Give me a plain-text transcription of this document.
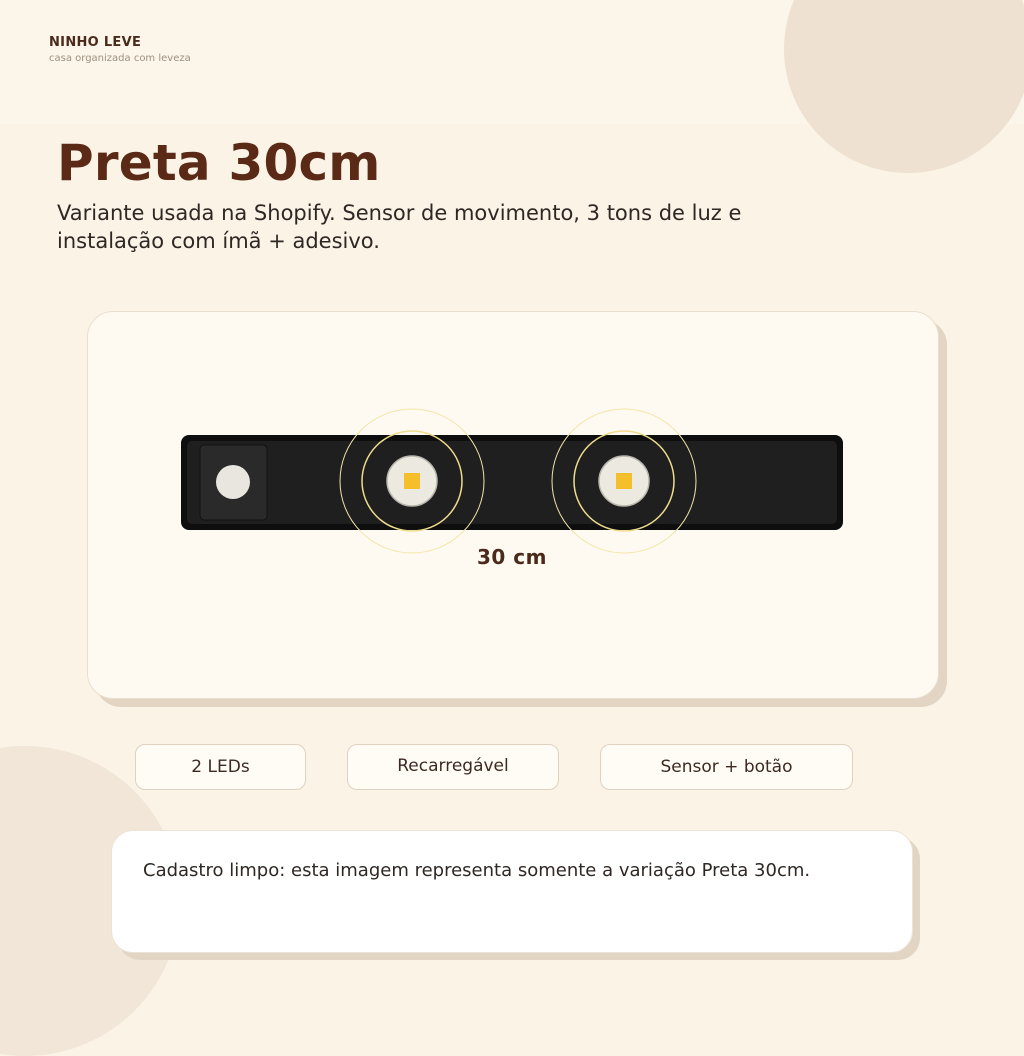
NINHO LEVE
casa organizada com leveza
Preta 30cm

Variante usada na Shopify. Sensor de movimento, 3 tons de luz e instalação com ímã + adesivo.

30 cm
2 LEDs	Recarregável	Sensor + botão
Cadastro limpo: esta imagem representa somente a variação Preta 30cm.
